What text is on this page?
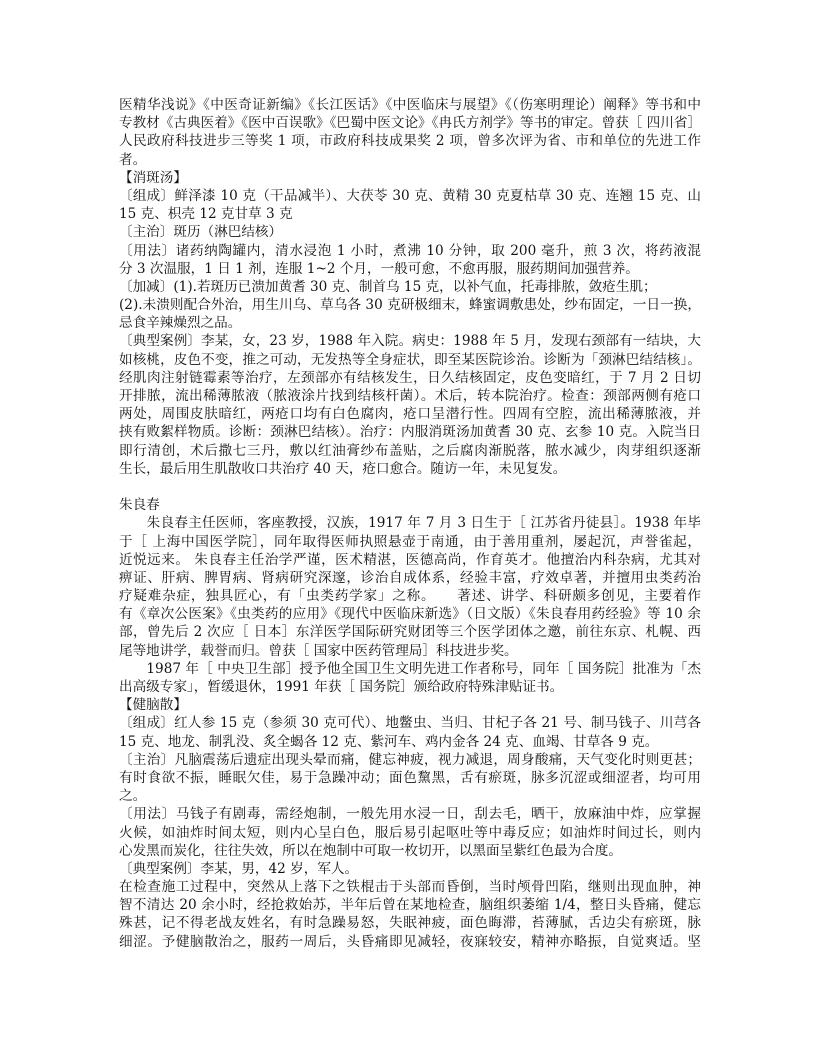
医精华浅说》《中医奇证新编》《长江医话》《中医临床与展望》《（伤寒明理论）阐释》等书和中
专教材《古典医着》《医中百误歌》《巴蜀中医文论》《冉氏方剂学》等书的审定。曾获［ 四川省］
人民政府科技进步三等奖 1 项，市政府科技成果奖 2 项，曾多次评为省、市和单位的先进工作
者。
【消斑汤】
〔组成〕鲜泽漆 10 克（干品减半）、大茯苓 30 克、黄精 30 克夏枯草 30 克、连翘 15 克、山
15 克、枳壳 12 克甘草 3 克
〔主治〕斑历（淋巴结核）
〔用法〕诸药纳陶罐内，清水浸泡 1 小时，煮沸 10 分钟，取 200 毫升，煎 3 次，将药液混
分 3 次温服，1 日 1 剂，连服 1~2 个月，一般可愈，不愈再服，服药期间加强营养。
〔加减〕(1).若斑历已溃加黄耆 30 克、制首乌 15 克，以补气血，托毒排脓，敛疮生肌；
(2).未溃则配合外治，用生川乌、草乌各 30 克研极细末，蜂蜜调敷患处，纱布固定，一日一换，
忌食辛辣燥烈之品。
〔典型案例〕李某，女，23 岁，1988 年入院。病史：1988 年 5 月，发现右颈部有一结块，大
如核桃，皮色不变，推之可动，无发热等全身症状，即至某医院诊治。诊断为「颈淋巴结结核」。
经肌肉注射链霉素等治疗，左颈部亦有结核发生，日久结核固定，皮色变暗红，于 7 月 2 日切
开排脓，流出稀薄脓液（脓液涂片找到结核杆菌）。术后，转本院治疗。检查：颈部两侧有疮口
两处，周围皮肤暗红，两疮口均有白色腐肉，疮口呈潜行性。四周有空腔，流出稀薄脓液，并
挟有败絮样物质。诊断：颈淋巴结核）。治疗：内服消斑汤加黄耆 30 克、玄参 10 克。入院当日
即行清创，术后撒七三丹，敷以红油膏纱布盖贴，之后腐肉渐脱落，脓水减少，肉芽组织逐渐
生长，最后用生肌散收口共治疗 40 天，疮口愈合。随访一年，未见复发。
朱良春
　　朱良春主任医师，客座教授，汉族，1917 年 7 月 3 日生于［ 江苏省丹徒县］。1938 年毕
于［ 上海中国医学院］，同年取得医师执照悬壶于南通，由于善用重剂，屡起沉，声誉雀起，
近悦远来。 朱良春主任治学严谨，医术精湛，医德高尚，作育英才。他擅治内科杂病，尤其对
痹证、肝病、脾胃病、肾病研究深邃，诊治自成体系，经验丰富，疗效卓著，并擅用虫类药治
疗疑难杂症，独具匠心，有「虫类药学家」之称。　　著述、讲学、科研颇多创见，主要着作
有《章次公医案》《虫类药的应用》《现代中医临床新选》（日文版）《朱良春用药经验》等 10 余
部，曾先后 2 次应［ 日本］东洋医学国际研究财团等三个医学团体之邀，前往东京、札幌、西
尾等地讲学，载誉而归。曾获［ 国家中医药管理局］科技进步奖。
　　1987 年［ 中央卫生部］授予他全国卫生文明先进工作者称号，同年［ 国务院］批准为「杰
出高级专家」，暂缓退休，1991 年获［ 国务院］颁给政府特殊津贴证书。
【健脑散】
〔组成〕红人参 15 克（参须 30 克可代）、地鳖虫、当归、甘杞子各 21 号、制马钱子、川芎各
15 克、地龙、制乳没、炙全蝎各 12 克、紫河车、鸡内金各 24 克、血竭、甘草各 9 克。
〔主治〕凡脑震荡后遗症出现头晕而痛，健忘神疲，视力减退，周身酸痛，天气变化时则更甚；
有时食欲不振，睡眠欠佳，易于急躁冲动；面色黧黑，舌有瘀斑，脉多沉涩或细涩者，均可用
之。
〔用法〕马钱子有剧毒，需经炮制，一般先用水浸一日，刮去毛，晒干，放麻油中炸，应掌握
火候，如油炸时间太短，则内心呈白色，服后易引起呕吐等中毒反应；如油炸时间过长，则内
心发黑而炭化，往往失效，所以在炮制中可取一枚切开，以黑面呈紫红色最为合度。
〔典型案例〕李某，男，42 岁，军人。
在检查施工过程中，突然从上落下之铁棍击于头部而昏倒，当时颅骨凹陷，继则出现血肿，神
智不清达 20 余小时，经抢救始苏，半年后曾在某地检查，脑组织萎缩 1/4，整日头昏痛，健忘
殊甚，记不得老战友姓名，有时急躁易怒，失眠神疲，面色晦滞，苔薄腻，舌边尖有瘀斑，脉
细涩。予健脑散治之，服药一周后，头昏痛即见减轻，夜寐较安，精神亦略振，自觉爽适。坚
